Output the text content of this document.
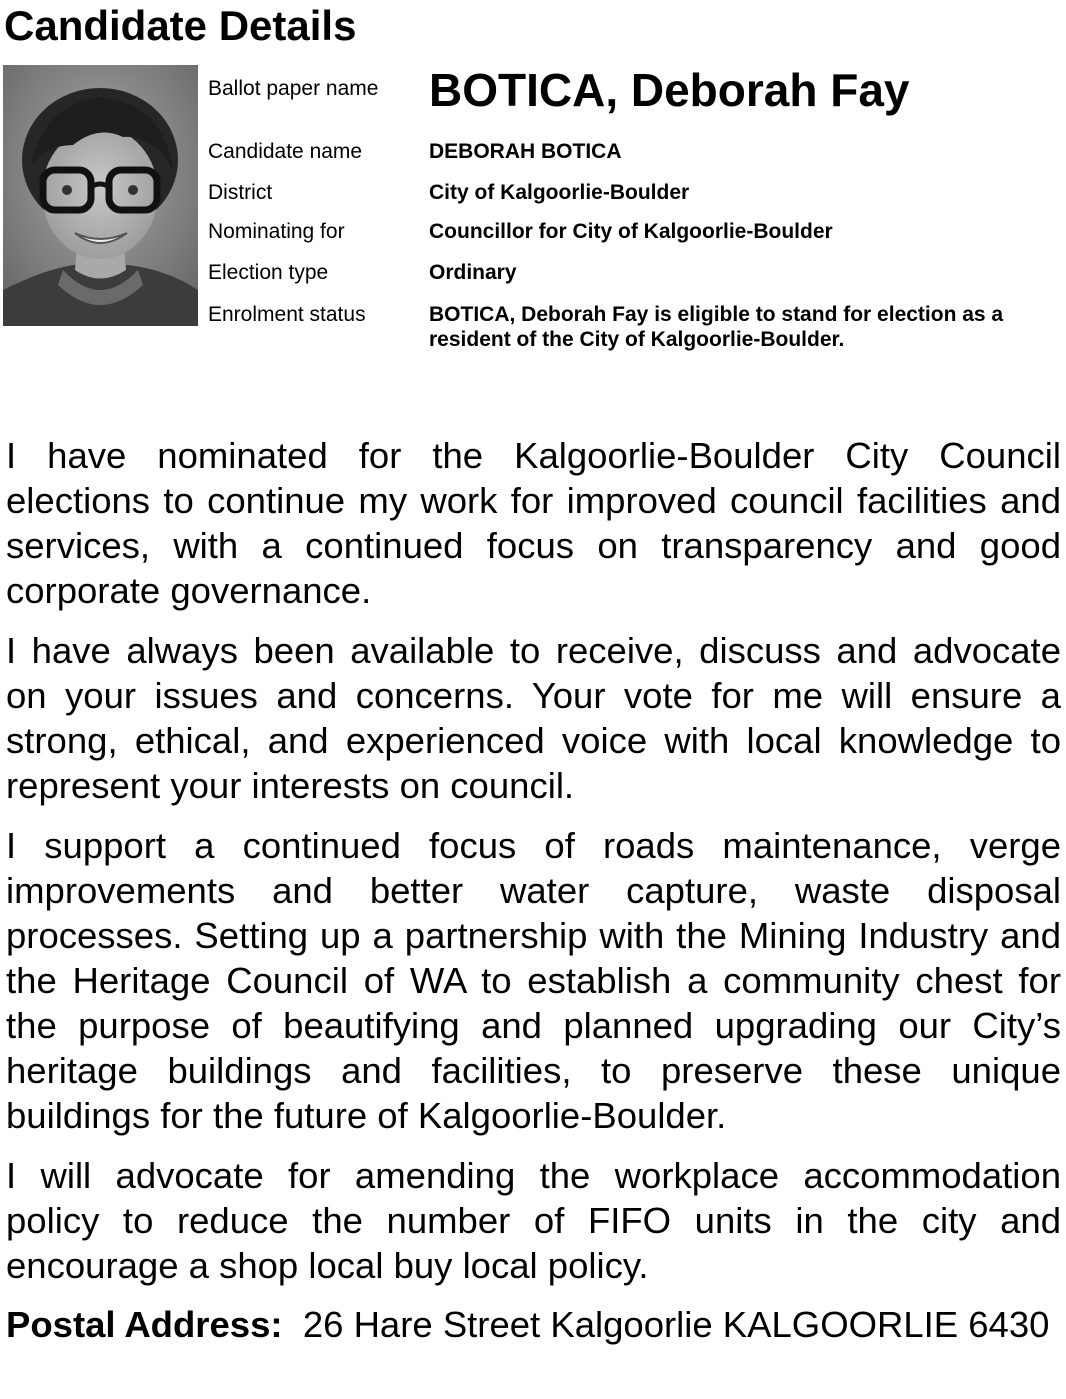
Candidate Details
Ballot paper name BOTICA, Deborah Fay
Candidate name	DEBORAH BOTICA
District	City of Kalgoorlie-Boulder
Nominating for	Councillor for City of Kalgoorlie-Boulder
Election type	Ordinary
Enrolment status	BOTICA, Deborah Fay is eligible to stand for election as a resident of the City of Kalgoorlie-Boulder.

I have nominated for the Kalgoorlie-Boulder City Council elections to continue my work for improved council facilities and services, with a continued focus on transparency and good corporate governance.

I have always been available to receive, discuss and advocate on your issues and concerns. Your vote for me will ensure a strong, ethical, and experienced voice with local knowledge to represent your interests on council.

I support a continued focus of roads maintenance, verge improvements and better water capture, waste disposal processes. Setting up a partnership with the Mining Industry and the Heritage Council of WA to establish a community chest for the purpose of beautifying and planned upgrading our City’s heritage buildings and facilities, to preserve these unique buildings for the future of Kalgoorlie-Boulder.

I will advocate for amending the workplace accommodation policy to reduce the number of FIFO units in the city and encourage a shop local buy local policy.

Postal Address: 26 Hare Street Kalgoorlie KALGOORLIE 6430
